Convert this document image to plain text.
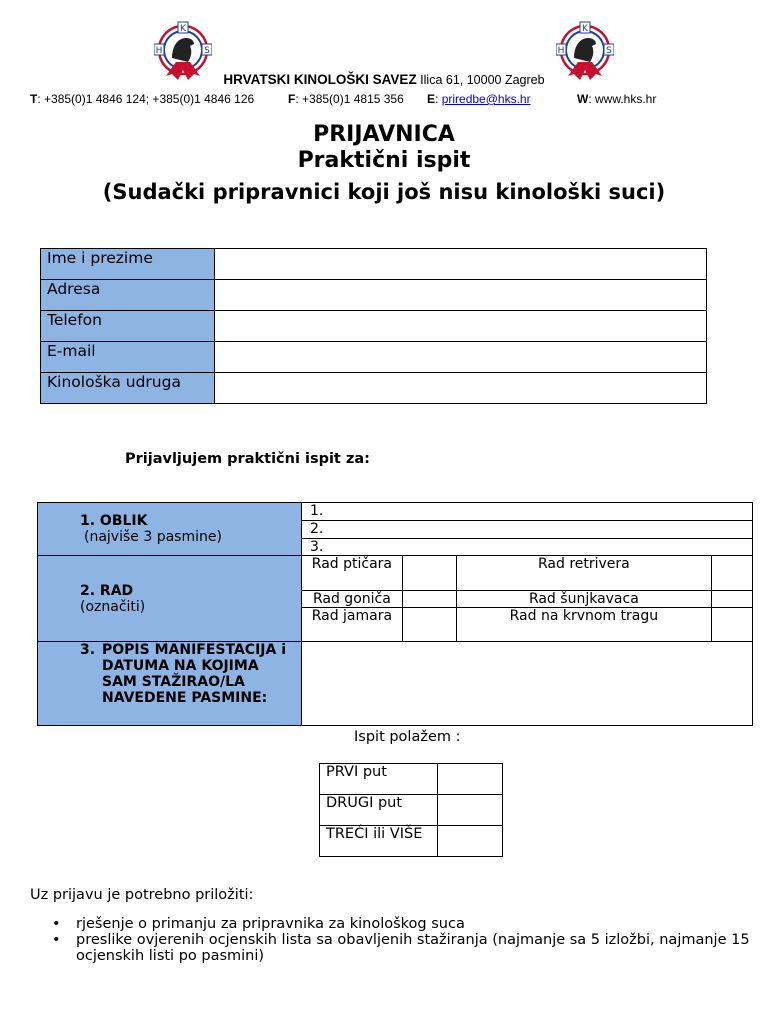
K
H	S
K
H	S
HRVATSKI KINOLOŠKI SAVEZ Ilica 61, 10000 Zagreb
T: +385(0)1 4846 124; +385(0)1 4846 126	F: +385(0)1 4815 356 E: priredbe@hks.hr	W: www.hks.hr
PRIJAVNICA
Praktični ispit
(Sudački pripravnici koji još nisu kinološki suci)
Ime i prezime	
Adresa	
Telefon	
E-mail	
Kinološka udruga	
Prijavljujem praktični ispit za:
1. OBLIK
(najviše 3 pasmine)	1.			
	2.			
	3.			

2. RAD
(označiti)	Rad ptičara		Rad retrivera	
	Rad goniča		Rad šunjkavaca	
	Rad jamara		Rad na krvnom tragu	

3. POPIS MANIFESTACIJA i DATUMA NA KOJIMA SAM STAŽIRAO/LA NAVEDENE PASMINE:				

Ispit polažem :
PRVI put	
DRUGI put	
TREĆI ili VIŠE	
Uz prijavu je potrebno priložiti:
• rješenje o primanju za pripravnika za kinološkog suca
• preslike ovjerenih ocjenskih lista sa obavljenih stažiranja (najmanje sa 5 izložbi, najmanje 15 ocjenskih listi po pasmini)
